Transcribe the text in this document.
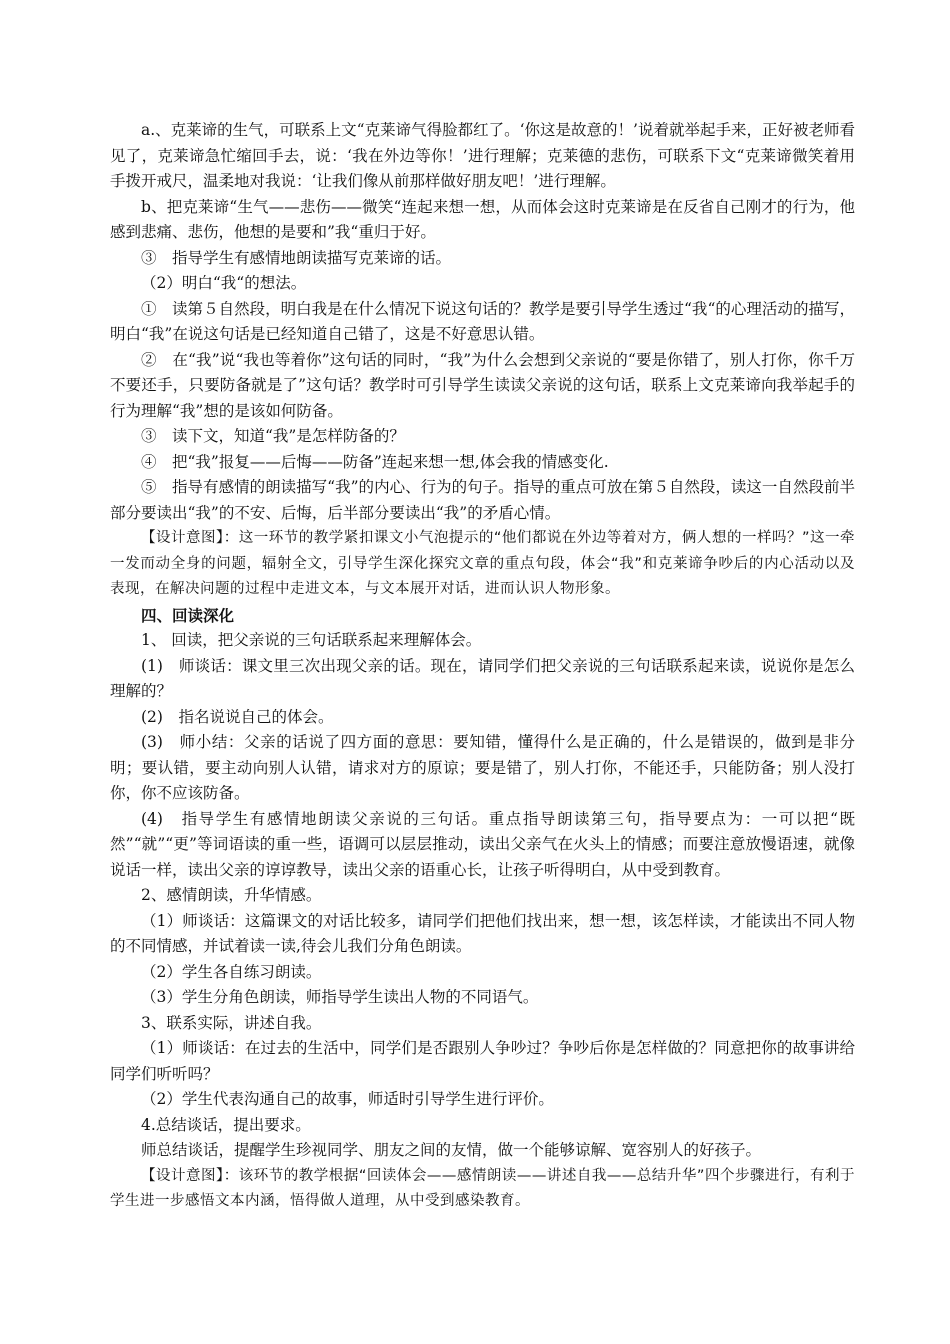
a.、克莱谛的生气，可联系上文“克莱谛气得脸都红了。‘你这是故意的！’说着就举起手来，正好被老师看见了，克莱谛急忙缩回手去，说：‘我在外边等你！’进行理解；克莱德的悲伤，可联系下文“克莱谛微笑着用手拨开戒尺，温柔地对我说：‘让我们像从前那样做好朋友吧！’进行理解。

b、把克莱谛“生气——悲伤——微笑“连起来想一想，从而体会这时克莱谛是在反省自己刚才的行为，他感到悲痛、悲伤，他想的是要和”我“重归于好。

③　指导学生有感情地朗读描写克莱谛的话。

（2）明白“我“的想法。

①　读第５自然段，明白我是在什么情况下说这句话的？教学是要引导学生透过“我“的心理活动的描写，明白“我”在说这句话是已经知道自己错了，这是不好意思认错。

②　在“我”说“我也等着你”这句话的同时，“我”为什么会想到父亲说的“要是你错了，别人打你，你千万不要还手，只要防备就是了”这句话？教学时可引导学生读读父亲说的这句话，联系上文克莱谛向我举起手的行为理解“我”想的是该如何防备。

③　读下文，知道“我”是怎样防备的？

④　把“我”报复——后悔——防备”连起来想一想,体会我的情感变化.

⑤　指导有感情的朗读描写“我”的内心、行为的句子。指导的重点可放在第５自然段，读这一自然段前半部分要读出“我”的不安、后悔，后半部分要读出“我”的矛盾心情。

【设计意图】：这一环节的教学紧扣课文小气泡提示的“他们都说在外边等着对方，俩人想的一样吗？”这一牵一发而动全身的问题，辐射全文，引导学生深化探究文章的重点句段，体会“我”和克莱谛争吵后的内心活动以及表现，在解决问题的过程中走进文本，与文本展开对话，进而认识人物形象。

四、回读深化

1、 回读，把父亲说的三句话联系起来理解体会。

(1)　师谈话：课文里三次出现父亲的话。现在，请同学们把父亲说的三句话联系起来读，说说你是怎么理解的？

(2)　指名说说自己的体会。

(3)　师小结：父亲的话说了四方面的意思：要知错，懂得什么是正确的，什么是错误的，做到是非分明；要认错，要主动向别人认错，请求对方的原谅；要是错了，别人打你，不能还手，只能防备；别人没打你，你不应该防备。

(4)　指导学生有感情地朗读父亲说的三句话。重点指导朗读第三句，指导要点为：一可以把“既然”“就”“更”等词语读的重一些，语调可以层层推动，读出父亲气在火头上的情感；而要注意放慢语速，就像说话一样，读出父亲的谆谆教导，读出父亲的语重心长，让孩子听得明白，从中受到教育。

2、感情朗读，升华情感。

（1）师谈话：这篇课文的对话比较多，请同学们把他们找出来，想一想，该怎样读，才能读出不同人物的不同情感，并试着读一读,待会儿我们分角色朗读。

（2）学生各自练习朗读。

（3）学生分角色朗读，师指导学生读出人物的不同语气。

3、联系实际，讲述自我。

（1）师谈话：在过去的生活中，同学们是否跟别人争吵过？争吵后你是怎样做的？同意把你的故事讲给同学们听听吗？

（2）学生代表沟通自己的故事，师适时引导学生进行评价。

4.总结谈话，提出要求。

师总结谈话，提醒学生珍视同学、朋友之间的友情，做一个能够谅解、宽容别人的好孩子。

【设计意图】：该环节的教学根据“回读体会——感情朗读——讲述自我——总结升华”四个步骤进行，有利于学生进一步感悟文本内涵，悟得做人道理，从中受到感染教育。
